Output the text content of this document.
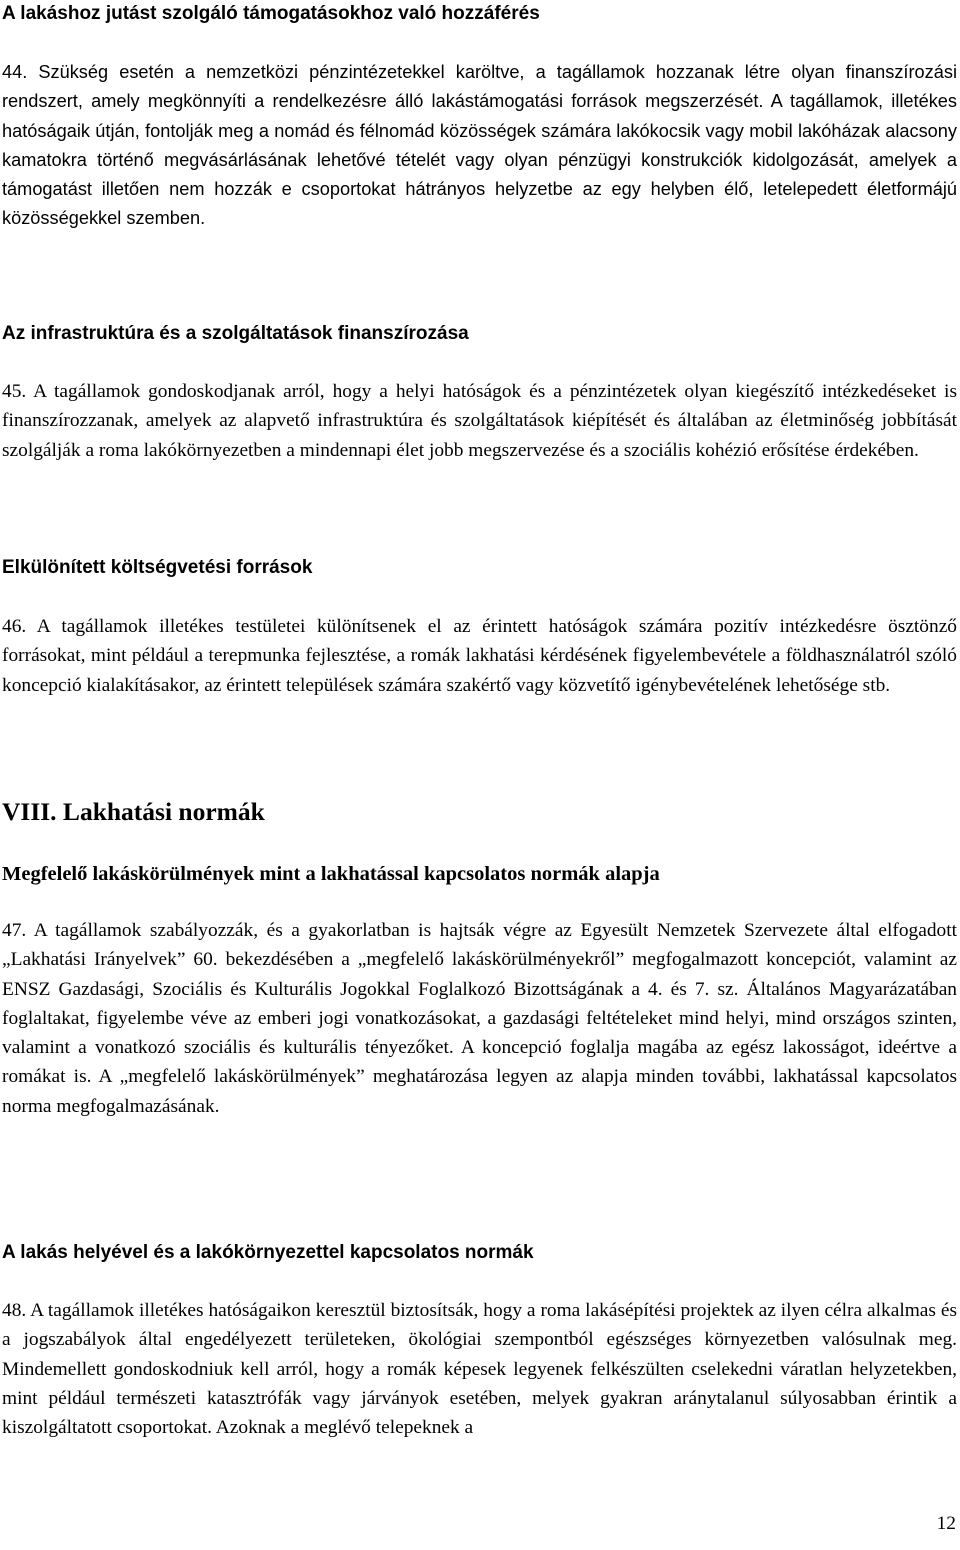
A lakáshoz jutást szolgáló támogatásokhoz való hozzáférés

44. Szükség esetén a nemzetközi pénzintézetekkel karöltve, a tagállamok hozzanak létre olyan finanszírozási rendszert, amely megkönnyíti a rendelkezésre álló lakástámogatási források megszerzését. A tagállamok, illetékes hatóságaik útján, fontolják meg a nomád és félnomád közösségek számára lakókocsik vagy mobil lakóházak alacsony kamatokra történő megvásárlásának lehetővé tételét vagy olyan pénzügyi konstrukciók kidolgozását, amelyek a támogatást illetően nem hozzák e csoportokat hátrányos helyzetbe az egy helyben élő, letelepedett életformájú közösségekkel szemben.

Az infrastruktúra és a szolgáltatások finanszírozása

45. A tagállamok gondoskodjanak arról, hogy a helyi hatóságok és a pénzintézetek olyan kiegészítő intézkedéseket is finanszírozzanak, amelyek az alapvető infrastruktúra és szolgáltatások kiépítését és általában az életminőség jobbítását szolgálják a roma lakókörnyezetben a mindennapi élet jobb megszervezése és a szociális kohézió erősítése érdekében.

Elkülönített költségvetési források

46. A tagállamok illetékes testületei különítsenek el az érintett hatóságok számára pozitív intézkedésre ösztönző forrásokat, mint például a terepmunka fejlesztése, a romák lakhatási kérdésének figyelembevétele a földhasználatról szóló koncepció kialakításakor, az érintett települések számára szakértő vagy közvetítő igénybevételének lehetősége stb.

VIII. Lakhatási normák
Megfelelő lakáskörülmények mint a lakhatással kapcsolatos normák alapja

47. A tagállamok szabályozzák, és a gyakorlatban is hajtsák végre az Egyesült Nemzetek Szervezete által elfogadott „Lakhatási Irányelvek” 60. bekezdésében a „megfelelő lakáskörülményekről” megfogalmazott koncepciót, valamint az ENSZ Gazdasági, Szociális és Kulturális Jogokkal Foglalkozó Bizottságának a 4. és 7. sz. Általános Magyarázatában foglaltakat, figyelembe véve az emberi jogi vonatkozásokat, a gazdasági feltételeket mind helyi, mind országos szinten, valamint a vonatkozó szociális és kulturális tényezőket. A koncepció foglalja magába az egész lakosságot, ideértve a romákat is. A „megfelelő lakáskörülmények” meghatározása legyen az alapja minden további, lakhatással kapcsolatos norma megfogalmazásának.

A lakás helyével és a lakókörnyezettel kapcsolatos normák

48. A tagállamok illetékes hatóságaikon keresztül biztosítsák, hogy a roma lakásépítési projektek az ilyen célra alkalmas és a jogszabályok által engedélyezett területeken, ökológiai szempontból egészséges környezetben valósulnak meg. Mindemellett gondoskodniuk kell arról, hogy a romák képesek legyenek felkészülten cselekedni váratlan helyzetekben, mint például természeti katasztrófák vagy járványok esetében, melyek gyakran aránytalanul súlyosabban érintik a kiszolgáltatott csoportokat. Azoknak a meglévő telepeknek a

12
